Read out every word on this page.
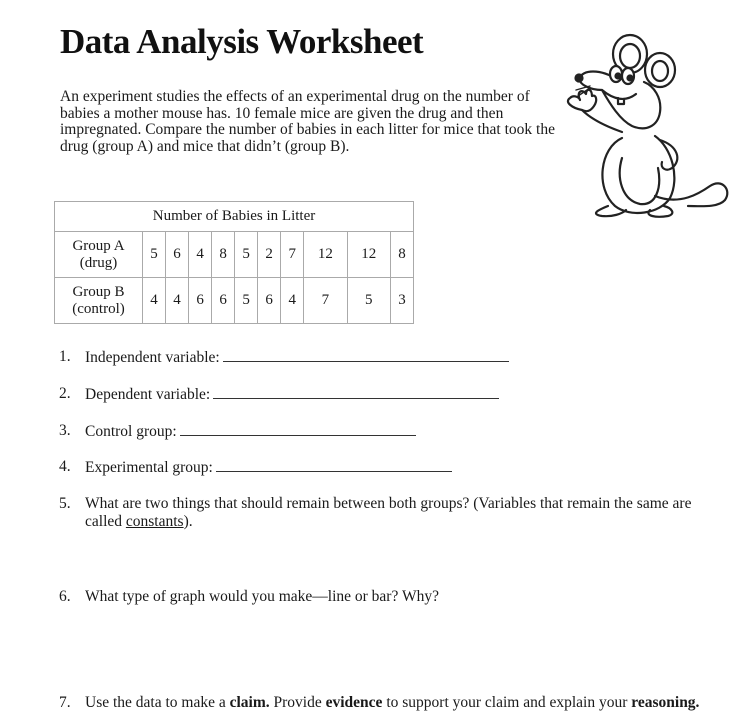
Data Analysis Worksheet

An experiment studies the effects of an experimental drug on the number of babies a mother mouse has. 10 female mice are given the drug and then impregnated. Compare the number of babies in each litter for mice that took the drug (group A) and mice that didn’t (group B).

Number of Babies in Litter										
Group A
(drug)	5	6	4	8	5	2	7	12	12	8
Group B
(control)	4	4	6	6	5	6	4	7	5	3
1. Independent variable:
2. Dependent variable:
3. Control group:
4. Experimental group:
5. What are two things that should remain between both groups? (Variables that remain the same are called constants).
6. What type of graph would you make—line or bar? Why?
7. Use the data to make a claim. Provide evidence to support your claim and explain your reasoning.
